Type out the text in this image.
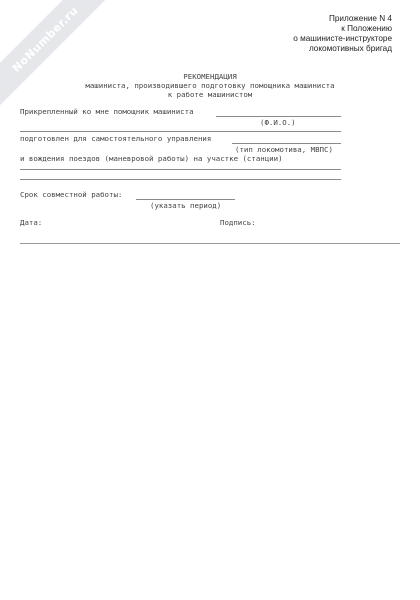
NoNumber.ru	Приложение N 4
к Положению
о машинисте-инструкторе
локомотивных бригад
РЕКОМЕНДАЦИЯ
машиниста, производившего подготовку помощника машиниста
к работе машинистом
Прикрепленный ко мне помощник машиниста
(Ф.И.О.)
подготовлен для самостоятельного управления
(тип локомотива, МВПС)
и вождения поездов (маневровой работы) на участке (станции)
Срок совместной работы:
(указать период)
Дата:	Подпись:
